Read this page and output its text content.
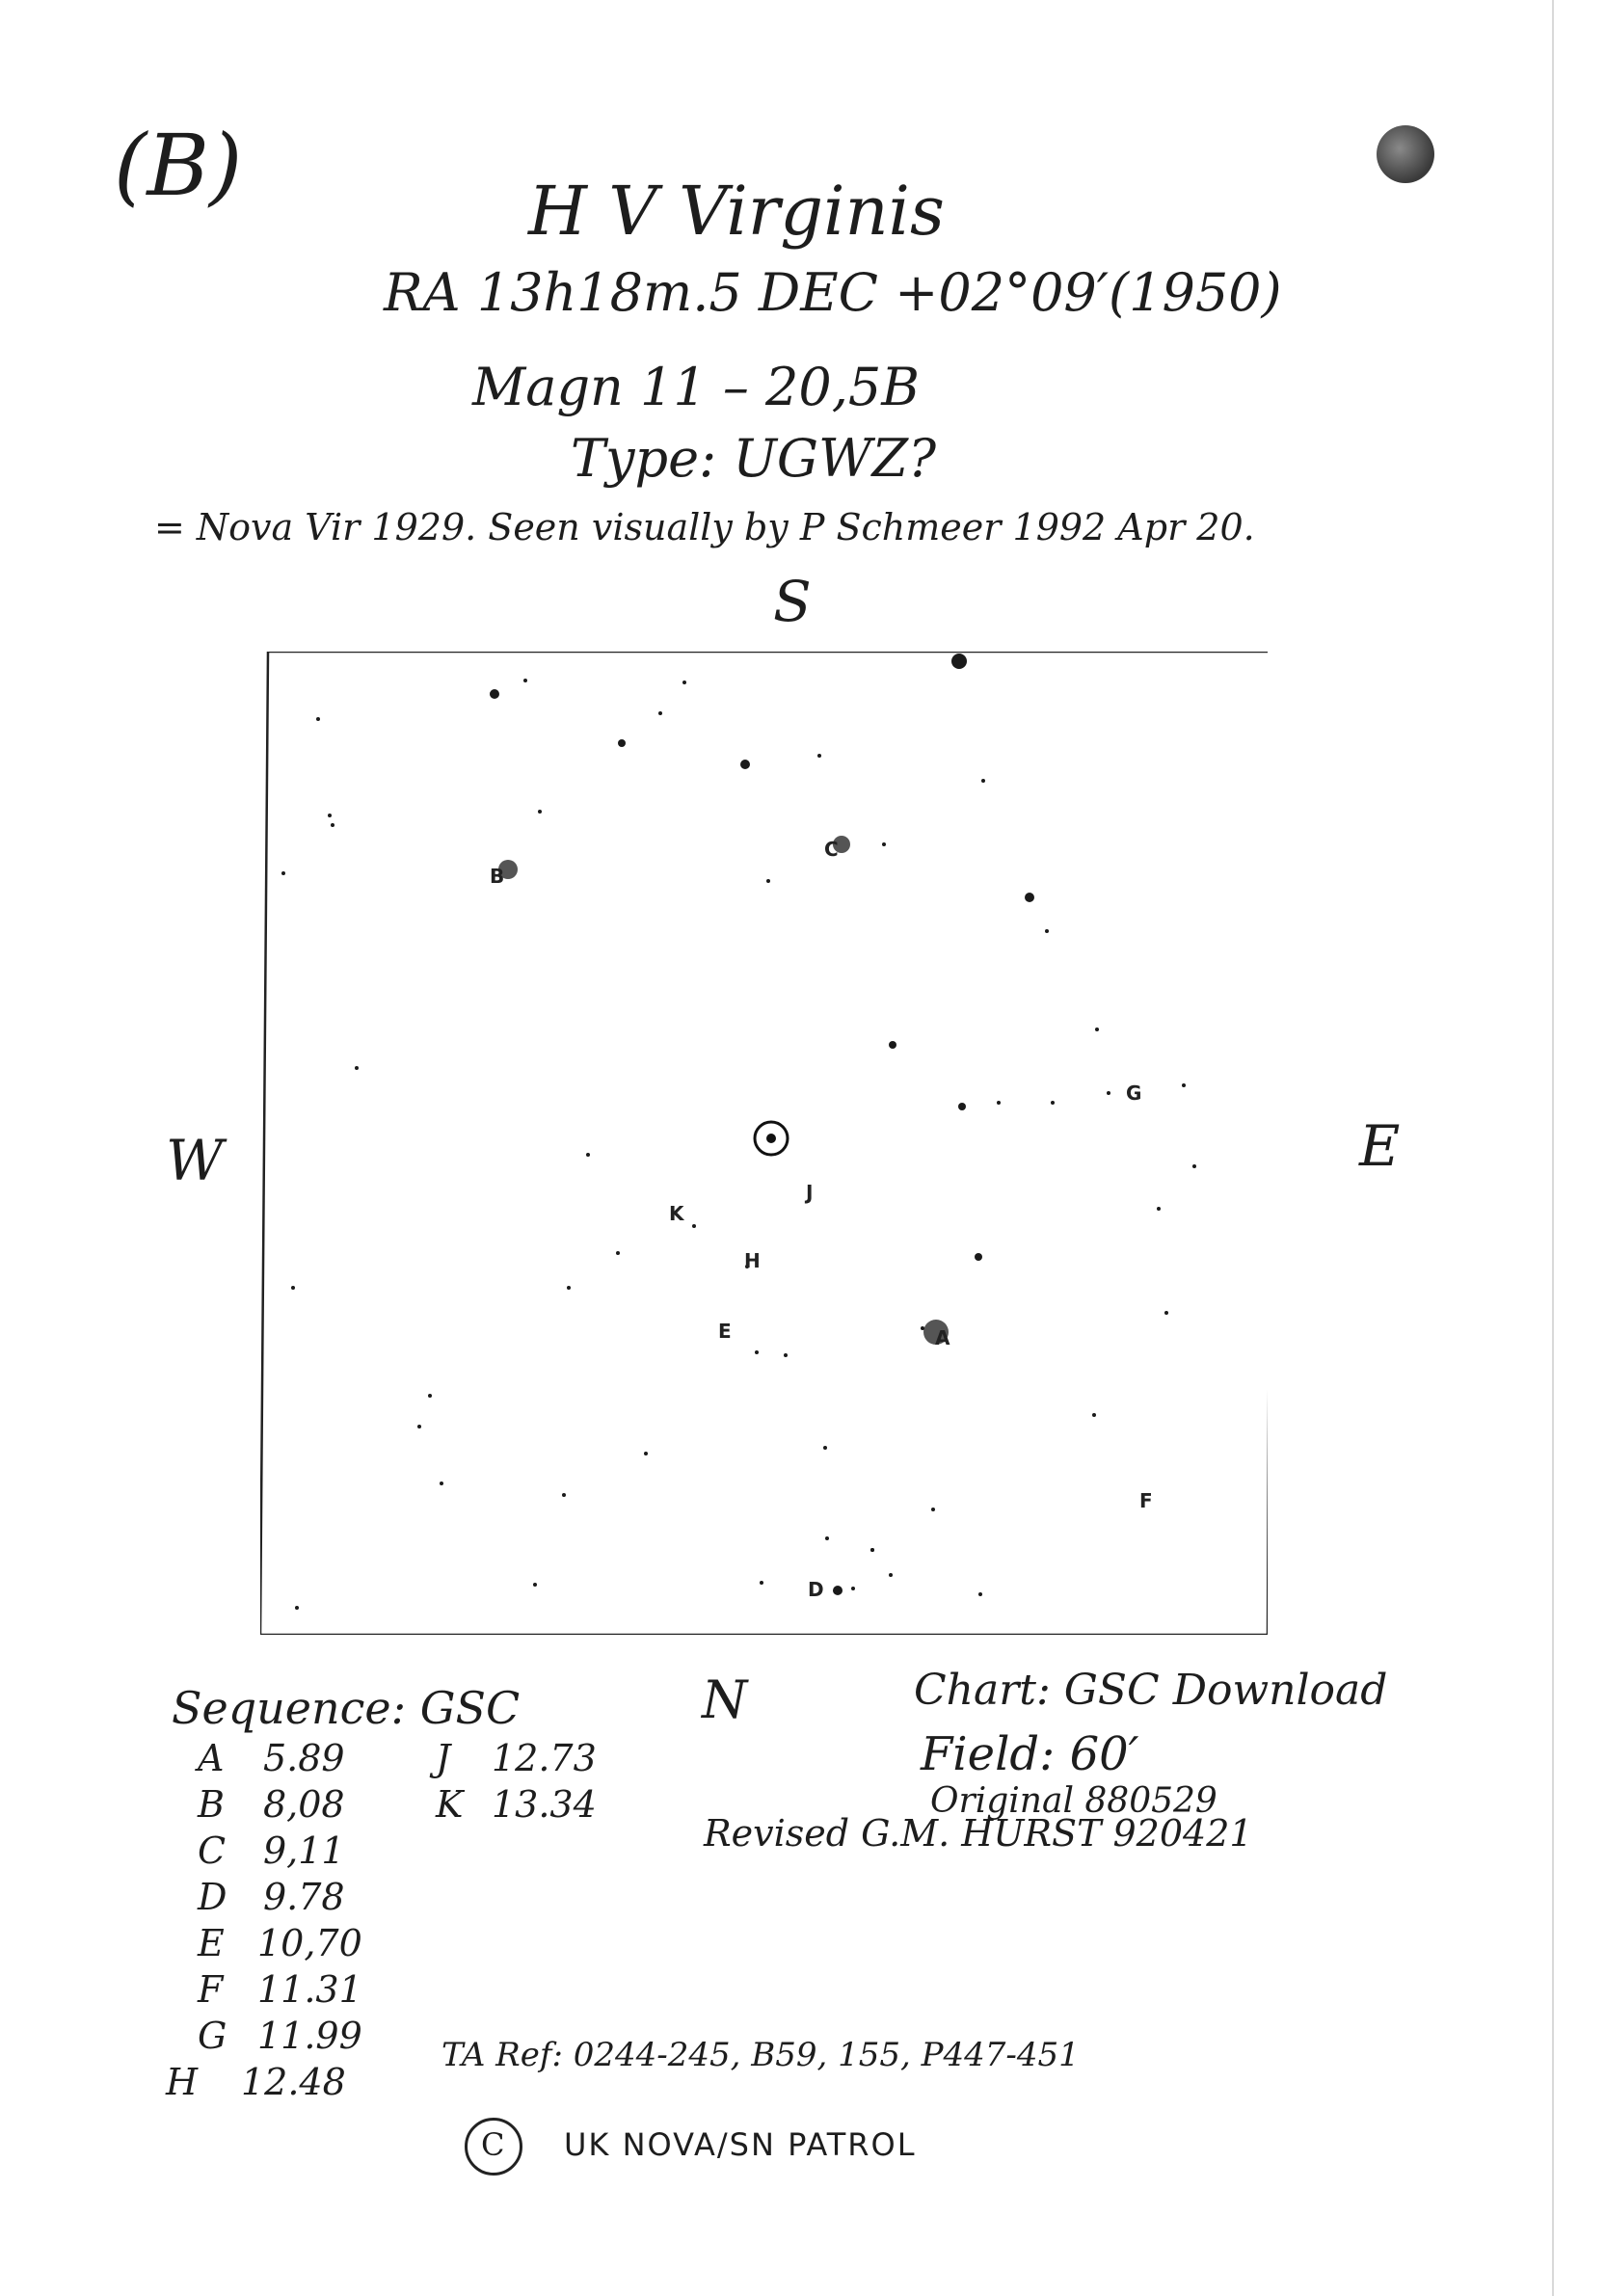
(B)	H V Virginis
RA 13h18m.5 DEC +02°09′(1950)
Magn 11 – 20,5B
Type: UGWZ?
= Nova Vir 1929. Seen visually by P Schmeer 1992 Apr 20.
S
W	E
N
B
C
G
J
K
H
E	A
F
D
Sequence: GSC
A 5.89
B 8,08
C 9,11
D 9.78
E 10,70
F 11.31
G 11.99
H 12.48
J 12.73
K 13.34
Chart: GSC Download
Field: 60′
Original 880529
Revised G.M. HURST 920421
TA Ref: 0244-245, B59, 155, P447-451
C UK NOVA/SN PATROL
